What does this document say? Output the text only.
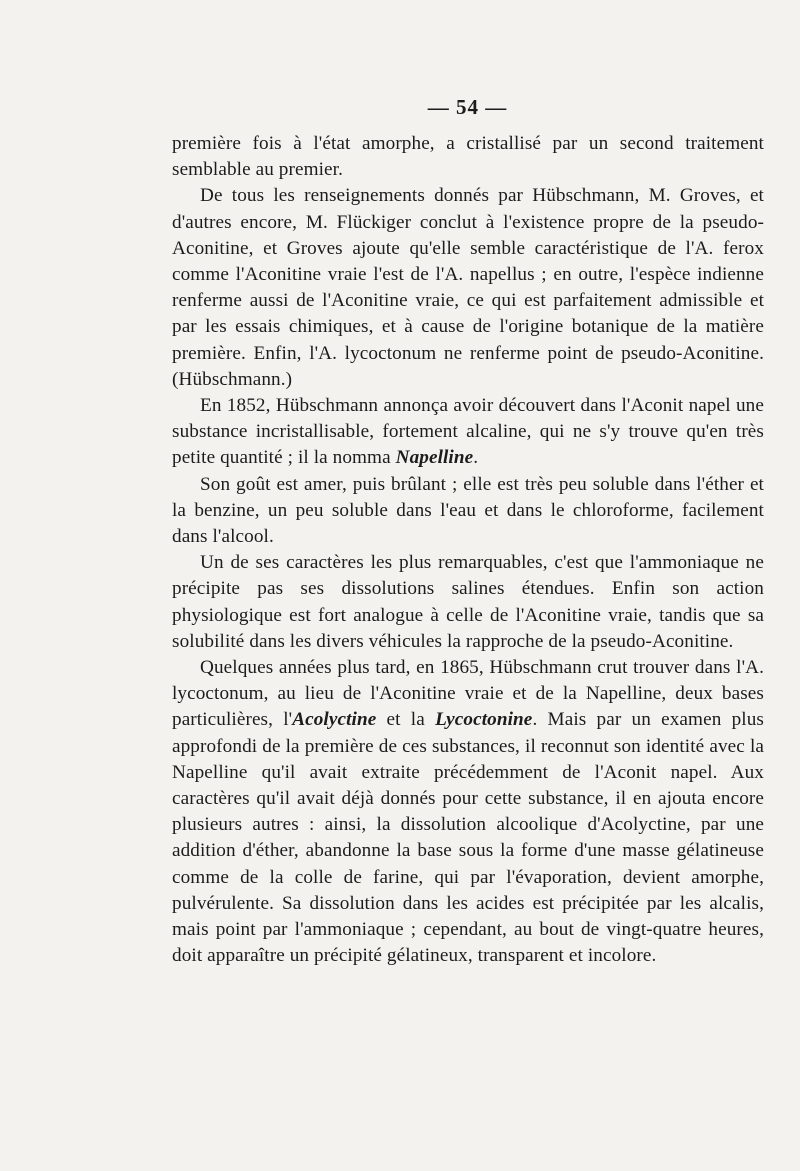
— 54 —

première fois à l'état amorphe, a cristallisé par un second traitement semblable au premier.

De tous les renseignements donnés par Hübschmann, M. Groves, et d'autres encore, M. Flückiger conclut à l'existence propre de la pseudo-Aconitine, et Groves ajoute qu'elle semble caractéristique de l'A. ferox comme l'Aconitine vraie l'est de l'A. napellus ; en outre, l'espèce indienne renferme aussi de l'Aconitine vraie, ce qui est parfaitement admissible et par les essais chimiques, et à cause de l'origine botanique de la matière première. Enfin, l'A. lycoctonum ne renferme point de pseudo-Aconitine. (Hübschmann.)

En 1852, Hübschmann annonça avoir découvert dans l'Aconit napel une substance incristallisable, fortement alcaline, qui ne s'y trouve qu'en très petite quantité ; il la nomma Napelline.

Son goût est amer, puis brûlant ; elle est très peu soluble dans l'éther et la benzine, un peu soluble dans l'eau et dans le chloroforme, facilement dans l'alcool.

Un de ses caractères les plus remarquables, c'est que l'ammoniaque ne précipite pas ses dissolutions salines étendues. Enfin son action physiologique est fort analogue à celle de l'Aconitine vraie, tandis que sa solubilité dans les divers véhicules la rapproche de la pseudo-Aconitine.

Quelques années plus tard, en 1865, Hübschmann crut trouver dans l'A. lycoctonum, au lieu de l'Aconitine vraie et de la Napelline, deux bases particulières, l'Acolyctine et la Lycoctonine. Mais par un examen plus approfondi de la première de ces substances, il reconnut son identité avec la Napelline qu'il avait extraite précédemment de l'Aconit napel. Aux caractères qu'il avait déjà donnés pour cette substance, il en ajouta encore plusieurs autres : ainsi, la dissolution alcoolique d'Acolyctine, par une addition d'éther, abandonne la base sous la forme d'une masse gélatineuse comme de la colle de farine, qui par l'évaporation, devient amorphe, pulvérulente. Sa dissolution dans les acides est précipitée par les alcalis, mais point par l'ammoniaque ; cependant, au bout de vingt-quatre heures, doit apparaître un précipité gélatineux, transparent et incolore.
